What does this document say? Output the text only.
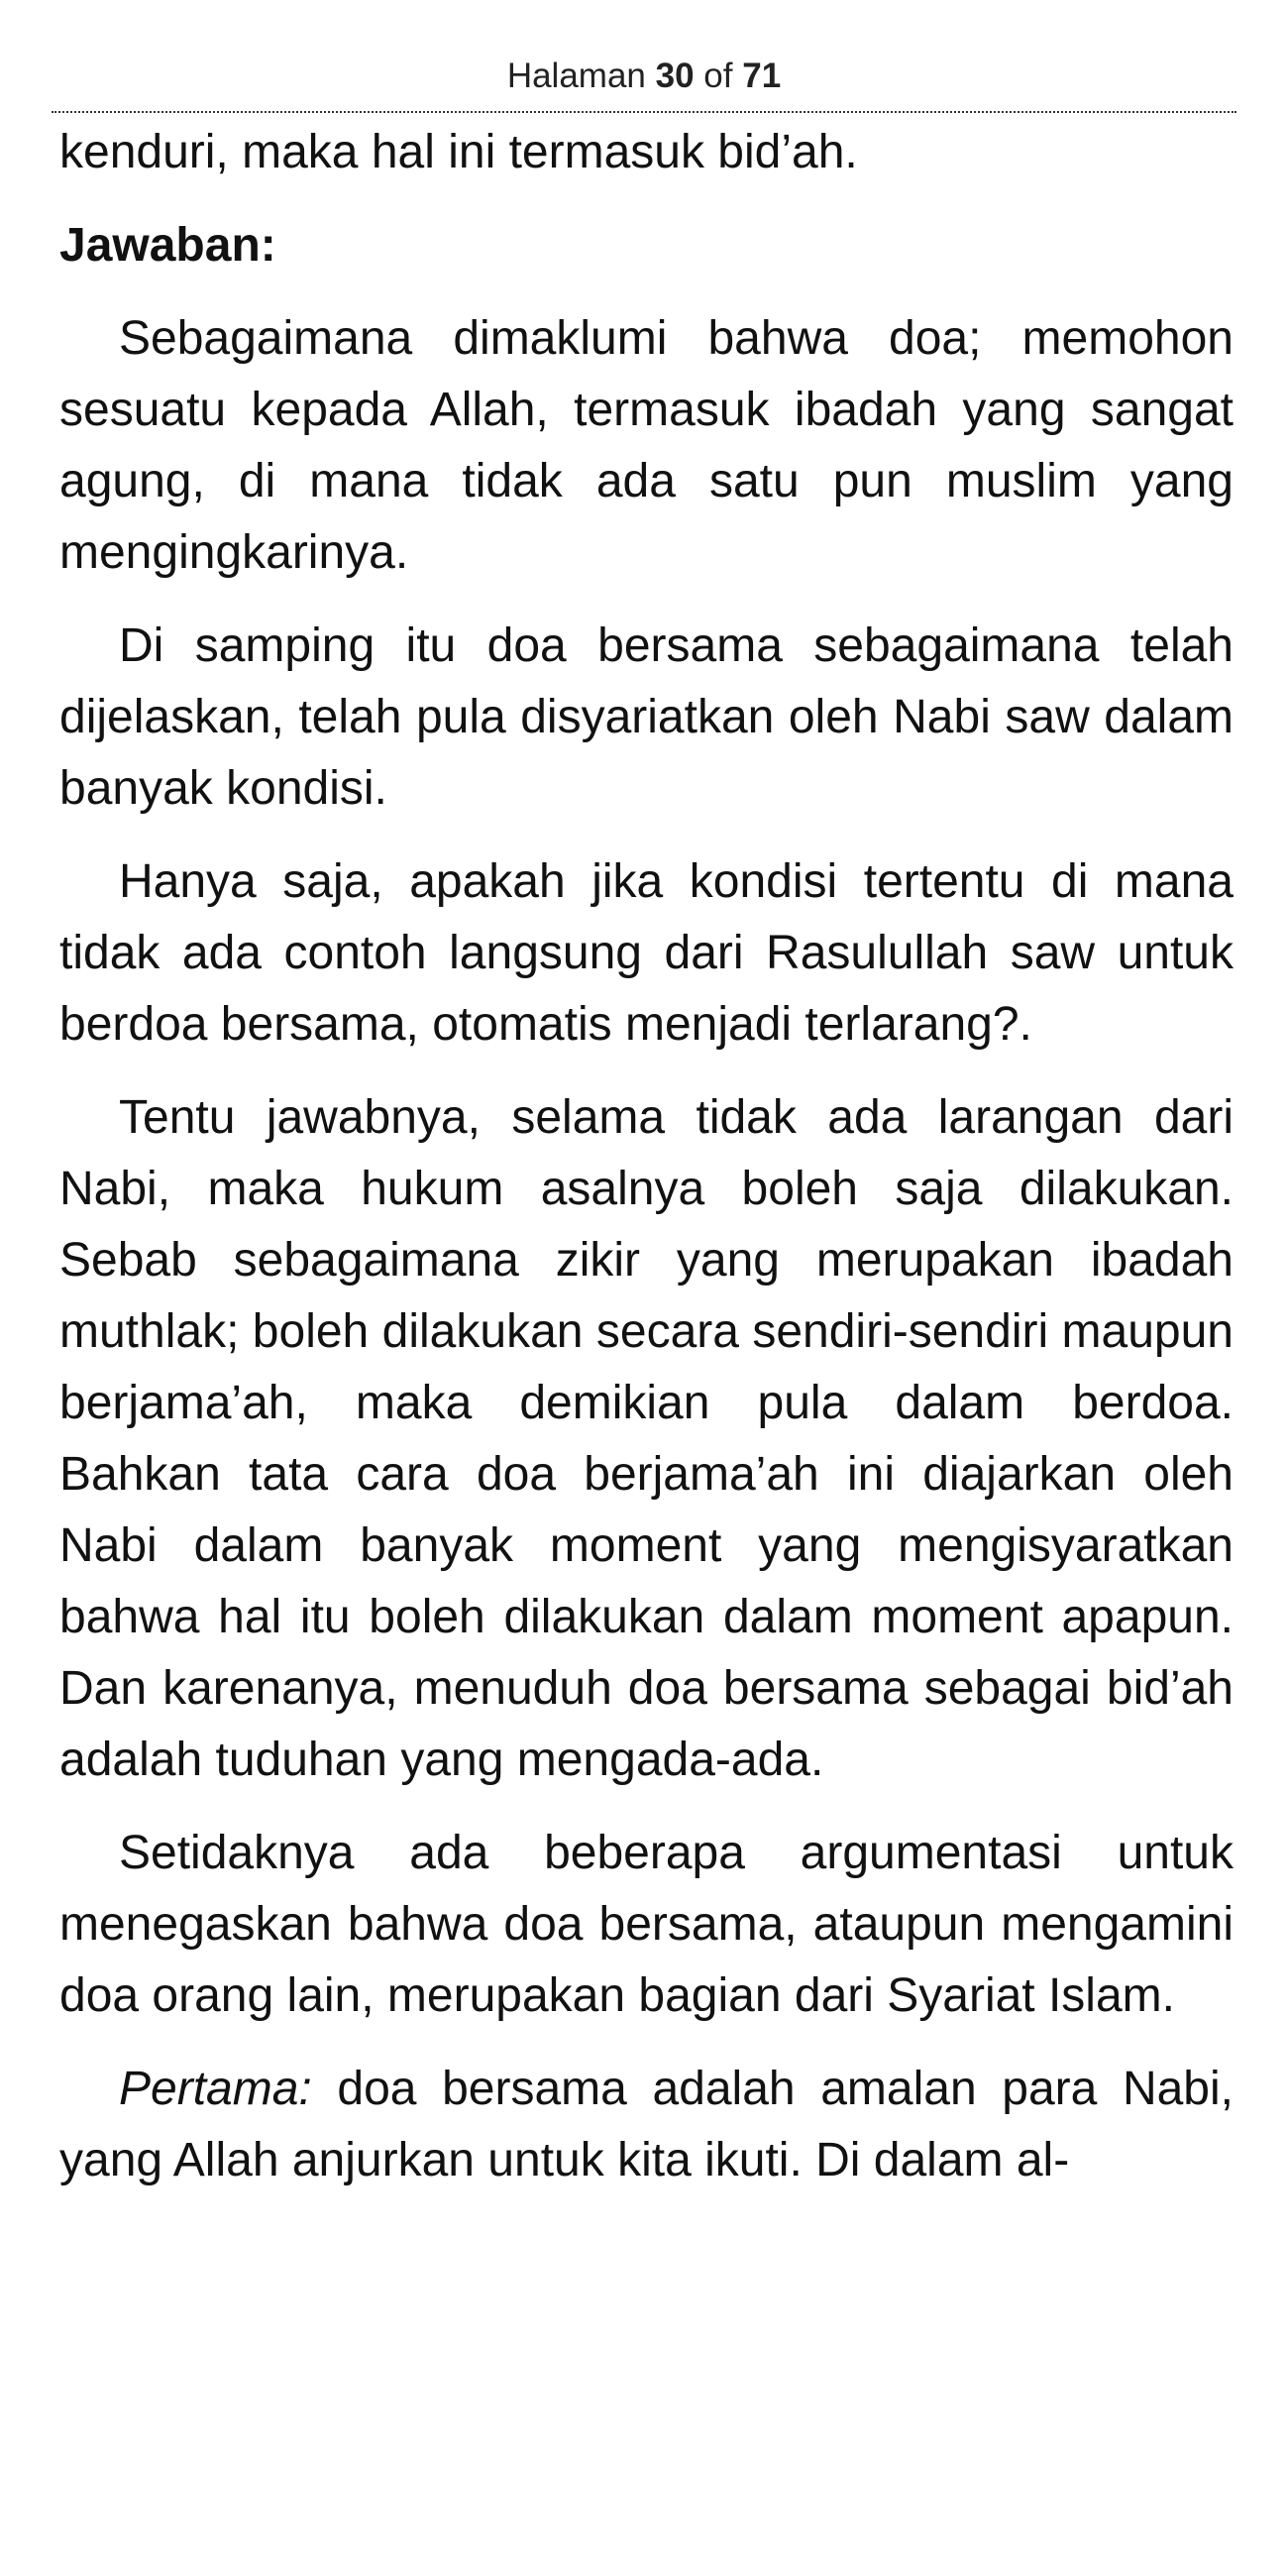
Halaman 30 of 71

kenduri, maka hal ini termasuk bid’ah.

Jawaban:

Sebagaimana dimaklumi bahwa doa; memohon sesuatu kepada Allah, termasuk ibadah yang sangat agung, di mana tidak ada satu pun muslim yang mengingkarinya.

Di samping itu doa bersama sebagaimana telah dijelaskan, telah pula disyariatkan oleh Nabi saw dalam banyak kondisi.

Hanya saja, apakah jika kondisi tertentu di mana tidak ada contoh langsung dari Rasulullah saw untuk berdoa bersama, otomatis menjadi terlarang?.

Tentu jawabnya, selama tidak ada larangan dari Nabi, maka hukum asalnya boleh saja dilakukan. Sebab sebagaimana zikir yang merupakan ibadah muthlak; boleh dilakukan secara sendiri-sendiri maupun berjama’ah, maka demikian pula dalam berdoa. Bahkan tata cara doa berjama’ah ini diajarkan oleh Nabi dalam banyak moment yang mengisyaratkan bahwa hal itu boleh dilakukan dalam moment apapun. Dan karenanya, menuduh doa bersama sebagai bid’ah adalah tuduhan yang mengada-ada.

Setidaknya ada beberapa argumentasi untuk menegaskan bahwa doa bersama, ataupun mengamini doa orang lain, merupakan bagian dari Syariat Islam.

Pertama: doa bersama adalah amalan para Nabi, yang Allah anjurkan untuk kita ikuti. Di dalam al-
